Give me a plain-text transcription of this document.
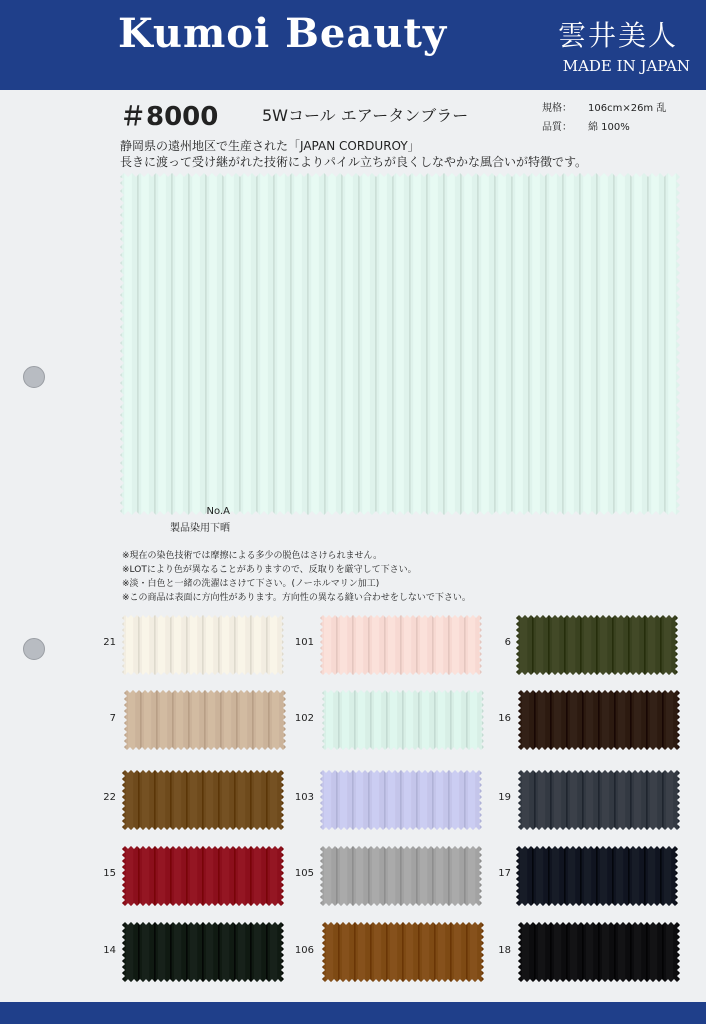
Kumoi Beauty	雲井美人
MADE IN JAPAN
＃8000	5Wコール エアータンブラー	規格： 106cm×26m 乱
品質： 綿 100%
静岡県の遠州地区で生産された「JAPAN CORDUROY」
長きに渡って受け継がれた技術によりパイル立ちが良くしなやかな風合いが特徴です。
No.A
製品染用下晒
※現在の染色技術では摩擦による多少の脱色はさけられません。
※LOTにより色が異なることがありますので、反取りを厳守して下さい。
※淡・白色と一緒の洗濯はさけて下さい。(ノーホルマリン加工)
※この商品は表面に方向性があります。方向性の異なる縫い合わせをしないで下さい。
21
7
22
15
14
101
102
103
105
106
6
16
19
17
18
